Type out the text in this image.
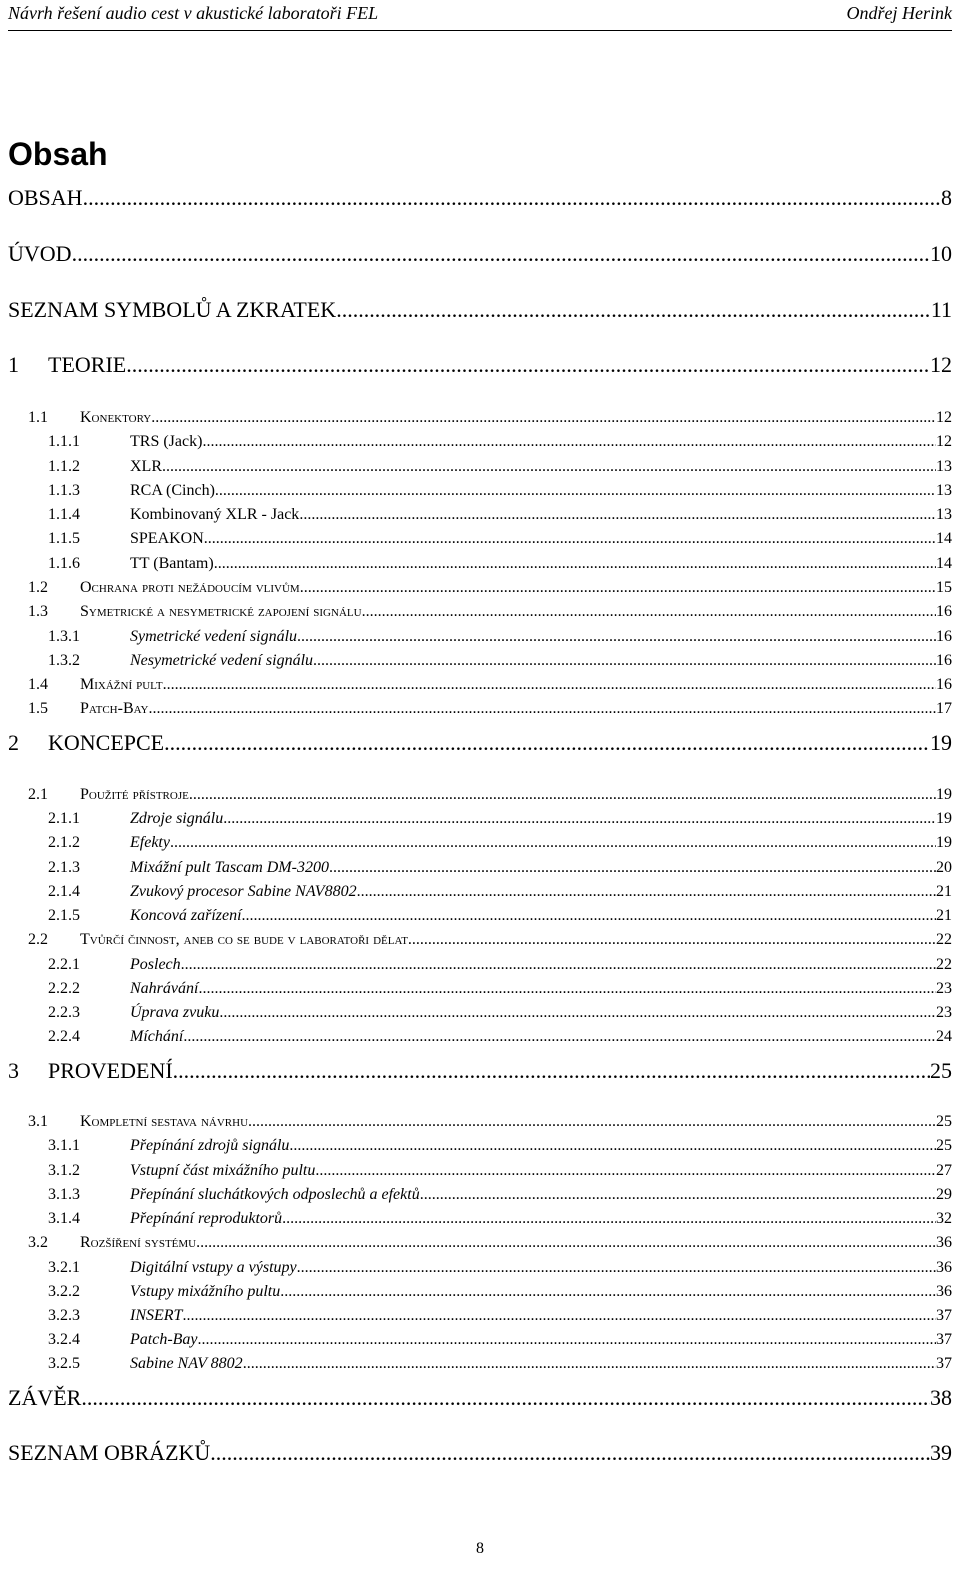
Návrh řešení audio cest v akustické laboratoři FEL	Ondřej Herink
Obsah
OBSAH .....	8
ÚVOD .....	10
SEZNAM SYMBOLŮ A ZKRATEK .....	11
1	TEORIE .....	12
1.1	Konektory .....	12
1.1.1	TRS (Jack) .....	12
1.1.2	XLR .....	13
1.1.3	RCA (Cinch) .....	13
1.1.4	Kombinovaný XLR - Jack .....	13
1.1.5	SPEAKON .....	14
1.1.6	TT (Bantam) .....	14
1.2	Ochrana proti nežádoucím vlivům .....	15
1.3	Symetrické a nesymetrické zapojení signálu .....	16
1.3.1	Symetrické vedení signálu .....	16
1.3.2	Nesymetrické vedení signálu .....	16
1.4	Mixážní pult .....	16
1.5	Patch-Bay .....	17
2	KONCEPCE .....	19
2.1	Použité přístroje .....	19
2.1.1	Zdroje signálu .....	19
2.1.2	Efekty .....	19
2.1.3	Mixážní pult Tascam DM-3200 .....	20
2.1.4	Zvukový procesor Sabine NAV8802 .....	21
2.1.5	Koncová zařízení .....	21
2.2	Tvůrčí činnost, aneb co se bude v laboratoři dělat .....	22
2.2.1	Poslech .....	22
2.2.2	Nahrávání .....	23
2.2.3	Úprava zvuku .....	23
2.2.4	Míchání .....	24
3	PROVEDENÍ .....	25
3.1	Kompletní sestava návrhu .....	25
3.1.1	Přepínání zdrojů signálu .....	25
3.1.2	Vstupní část mixážního pultu .....	27
3.1.3	Přepínání sluchátkových odposlechů a efektů .....	29
3.1.4	Přepínání reproduktorů .....	32
3.2	Rozšíření systému .....	36
3.2.1	Digitální vstupy a výstupy .....	36
3.2.2	Vstupy mixážního pultu .....	36
3.2.3	INSERT .....	37
3.2.4	Patch-Bay .....	37
3.2.5	Sabine NAV 8802 .....	37
ZÁVĚR .....	38
SEZNAM OBRÁZKŮ .....	39
8
